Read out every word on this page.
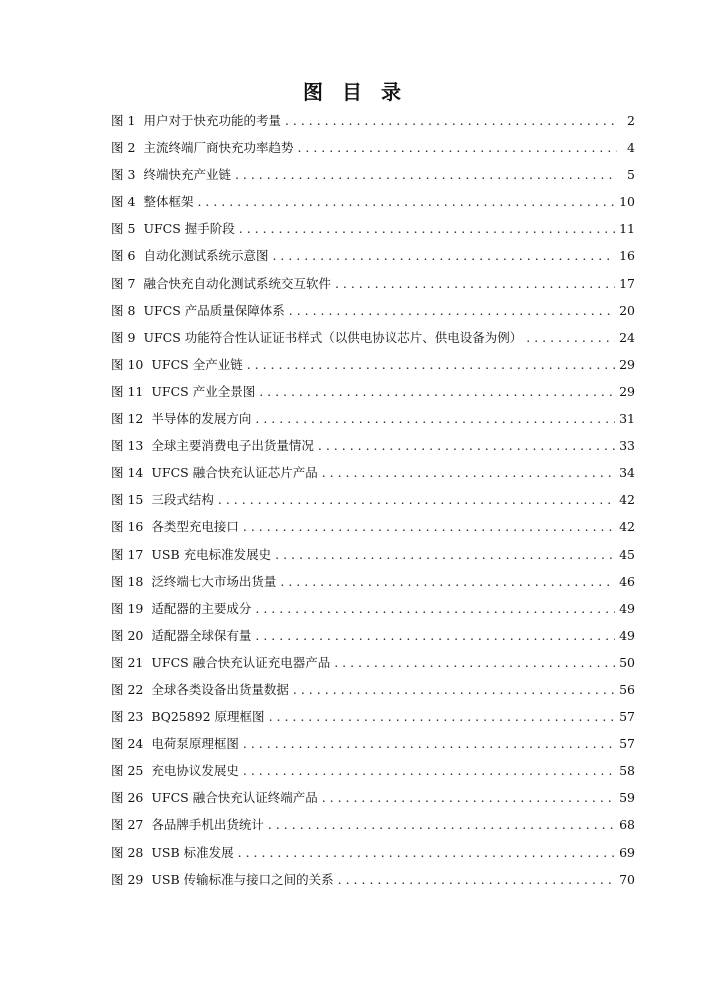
图 目 录
图 1 用户对于快充功能的考量 . . .	2
图 2 主流终端厂商快充功率趋势 . . .	4
图 3 终端快充产业链 . . .	5
图 4 整体框架 . . .	10
图 5 UFCS 握手阶段 . . .	11
图 6 自动化测试系统示意图 . . .	16
图 7 融合快充自动化测试系统交互软件 . . .	17
图 8 UFCS 产品质量保障体系 . . .	20
图 9 UFCS 功能符合性认证证书样式（以供电协议芯片、供电设备为例） . . .	24
图 10 UFCS 全产业链 . . .	29
图 11 UFCS 产业全景图 . . .	29
图 12 半导体的发展方向 . . .	31
图 13 全球主要消费电子出货量情况 . . .	33
图 14 UFCS 融合快充认证芯片产品 . . .	34
图 15 三段式结构 . . .	42
图 16 各类型充电接口 . . .	42
图 17 USB 充电标准发展史 . . .	45
图 18 泛终端七大市场出货量 . . .	46
图 19 适配器的主要成分 . . .	49
图 20 适配器全球保有量 . . .	49
图 21 UFCS 融合快充认证充电器产品 . . .	50
图 22 全球各类设备出货量数据 . . .	56
图 23 BQ25892 原理框图 . . .	57
图 24 电荷泵原理框图 . . .	57
图 25 充电协议发展史 . . .	58
图 26 UFCS 融合快充认证终端产品 . . .	59
图 27 各品牌手机出货统计 . . .	68
图 28 USB 标准发展 . . .	69
图 29 USB 传输标准与接口之间的关系 . . .	70
